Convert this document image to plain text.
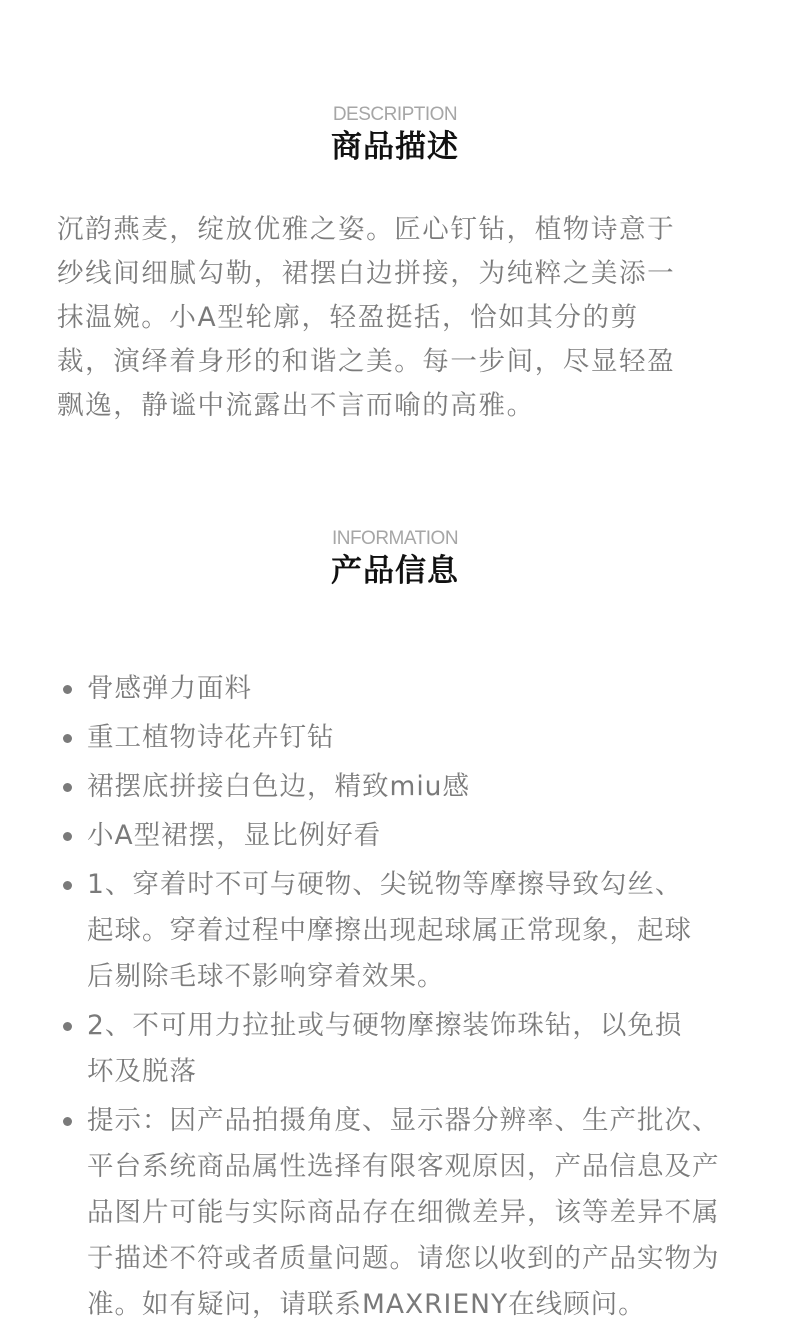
DESCRIPTION
商品描述
沉韵燕麦，绽放优雅之姿。匠心钉钻，植物诗意于
纱线间细腻勾勒，裙摆白边拼接，为纯粹之美添一
抹温婉。小A型轮廓，轻盈挺括，恰如其分的剪
裁，演绎着身形的和谐之美。每一步间，尽显轻盈
飘逸，静谧中流露出不言而喻的高雅。
INFORMATION
产品信息
骨感弹力面料
重工植物诗花卉钉钻
裙摆底拼接白色边，精致miu感
小A型裙摆，显比例好看
1、穿着时不可与硬物、尖锐物等摩擦导致勾丝、
起球。穿着过程中摩擦出现起球属正常现象，起球
后剔除毛球不影响穿着效果。
2、不可用力拉扯或与硬物摩擦装饰珠钻，以免损
坏及脱落
提示：因产品拍摄角度、显示器分辨率、生产批次、
平台系统商品属性选择有限客观原因，产品信息及产
品图片可能与实际商品存在细微差异，该等差异不属
于描述不符或者质量问题。请您以收到的产品实物为
准。如有疑问，请联系MAXRIENY在线顾问。
